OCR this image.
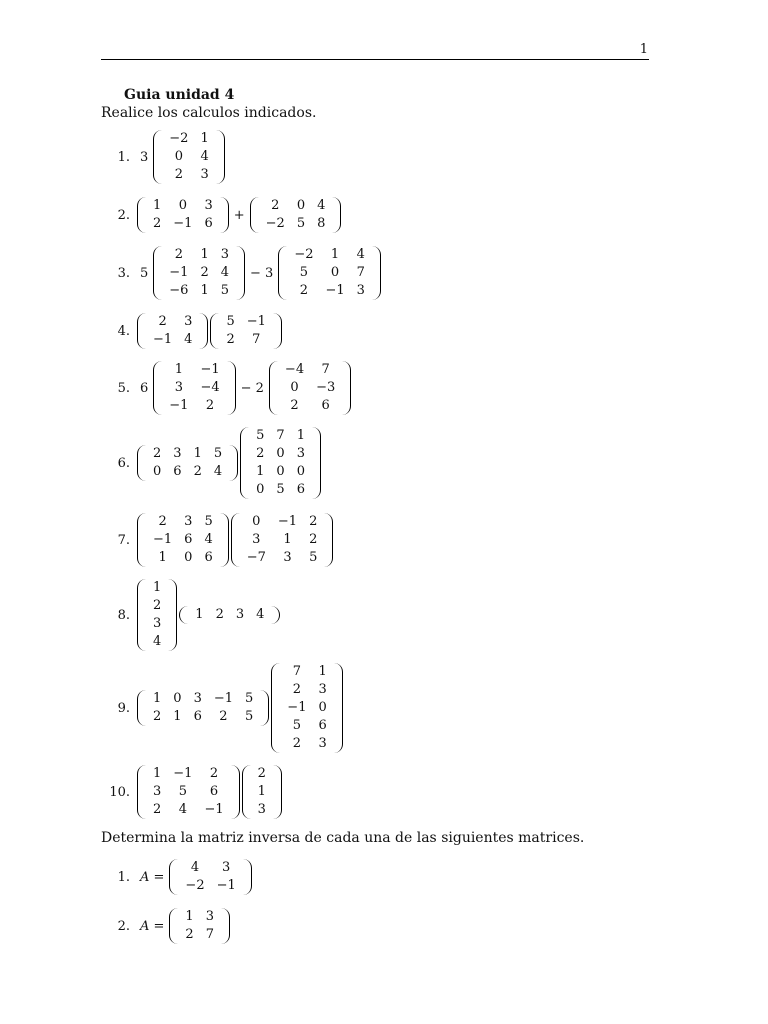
1
Guia unidad 4
Realice los calculos indicados.
1. 3
−2	1
0	4
2	3
2.
1	0	3
2	−1	6
+
2	0	4
−2	5	8
3. 5
2	1	3
−1	2	4
−6	1	5
− 3
−2	1	4
5	0	7
2	−1	3
4.
2	3
−1	4
5	−1
2	7
5. 6
1	−1
3	−4
−1	2
− 2
−4	7
0	−3
2	6
6.
2	3	1	5
0	6	2	4
5	7	1
2	0	3
1	0	0
0	5	6
7.
2	3	5
−1	6	4
1	0	6
0	−1	2
3	1	2
−7	3	5
8.
1
2
3
4
1	2	3	4
9.
1	0	3	−1	5
2	1	6	2	5
7	1
2	3
−1	0
5	6
2	3
10.
1	−1	2
3	5	6
2	4	−1
2
1
3
Determina la matriz inversa de cada una de las siguientes matrices.
1. A =
4	3
−2	−1
2. A =
1	3
2	7
